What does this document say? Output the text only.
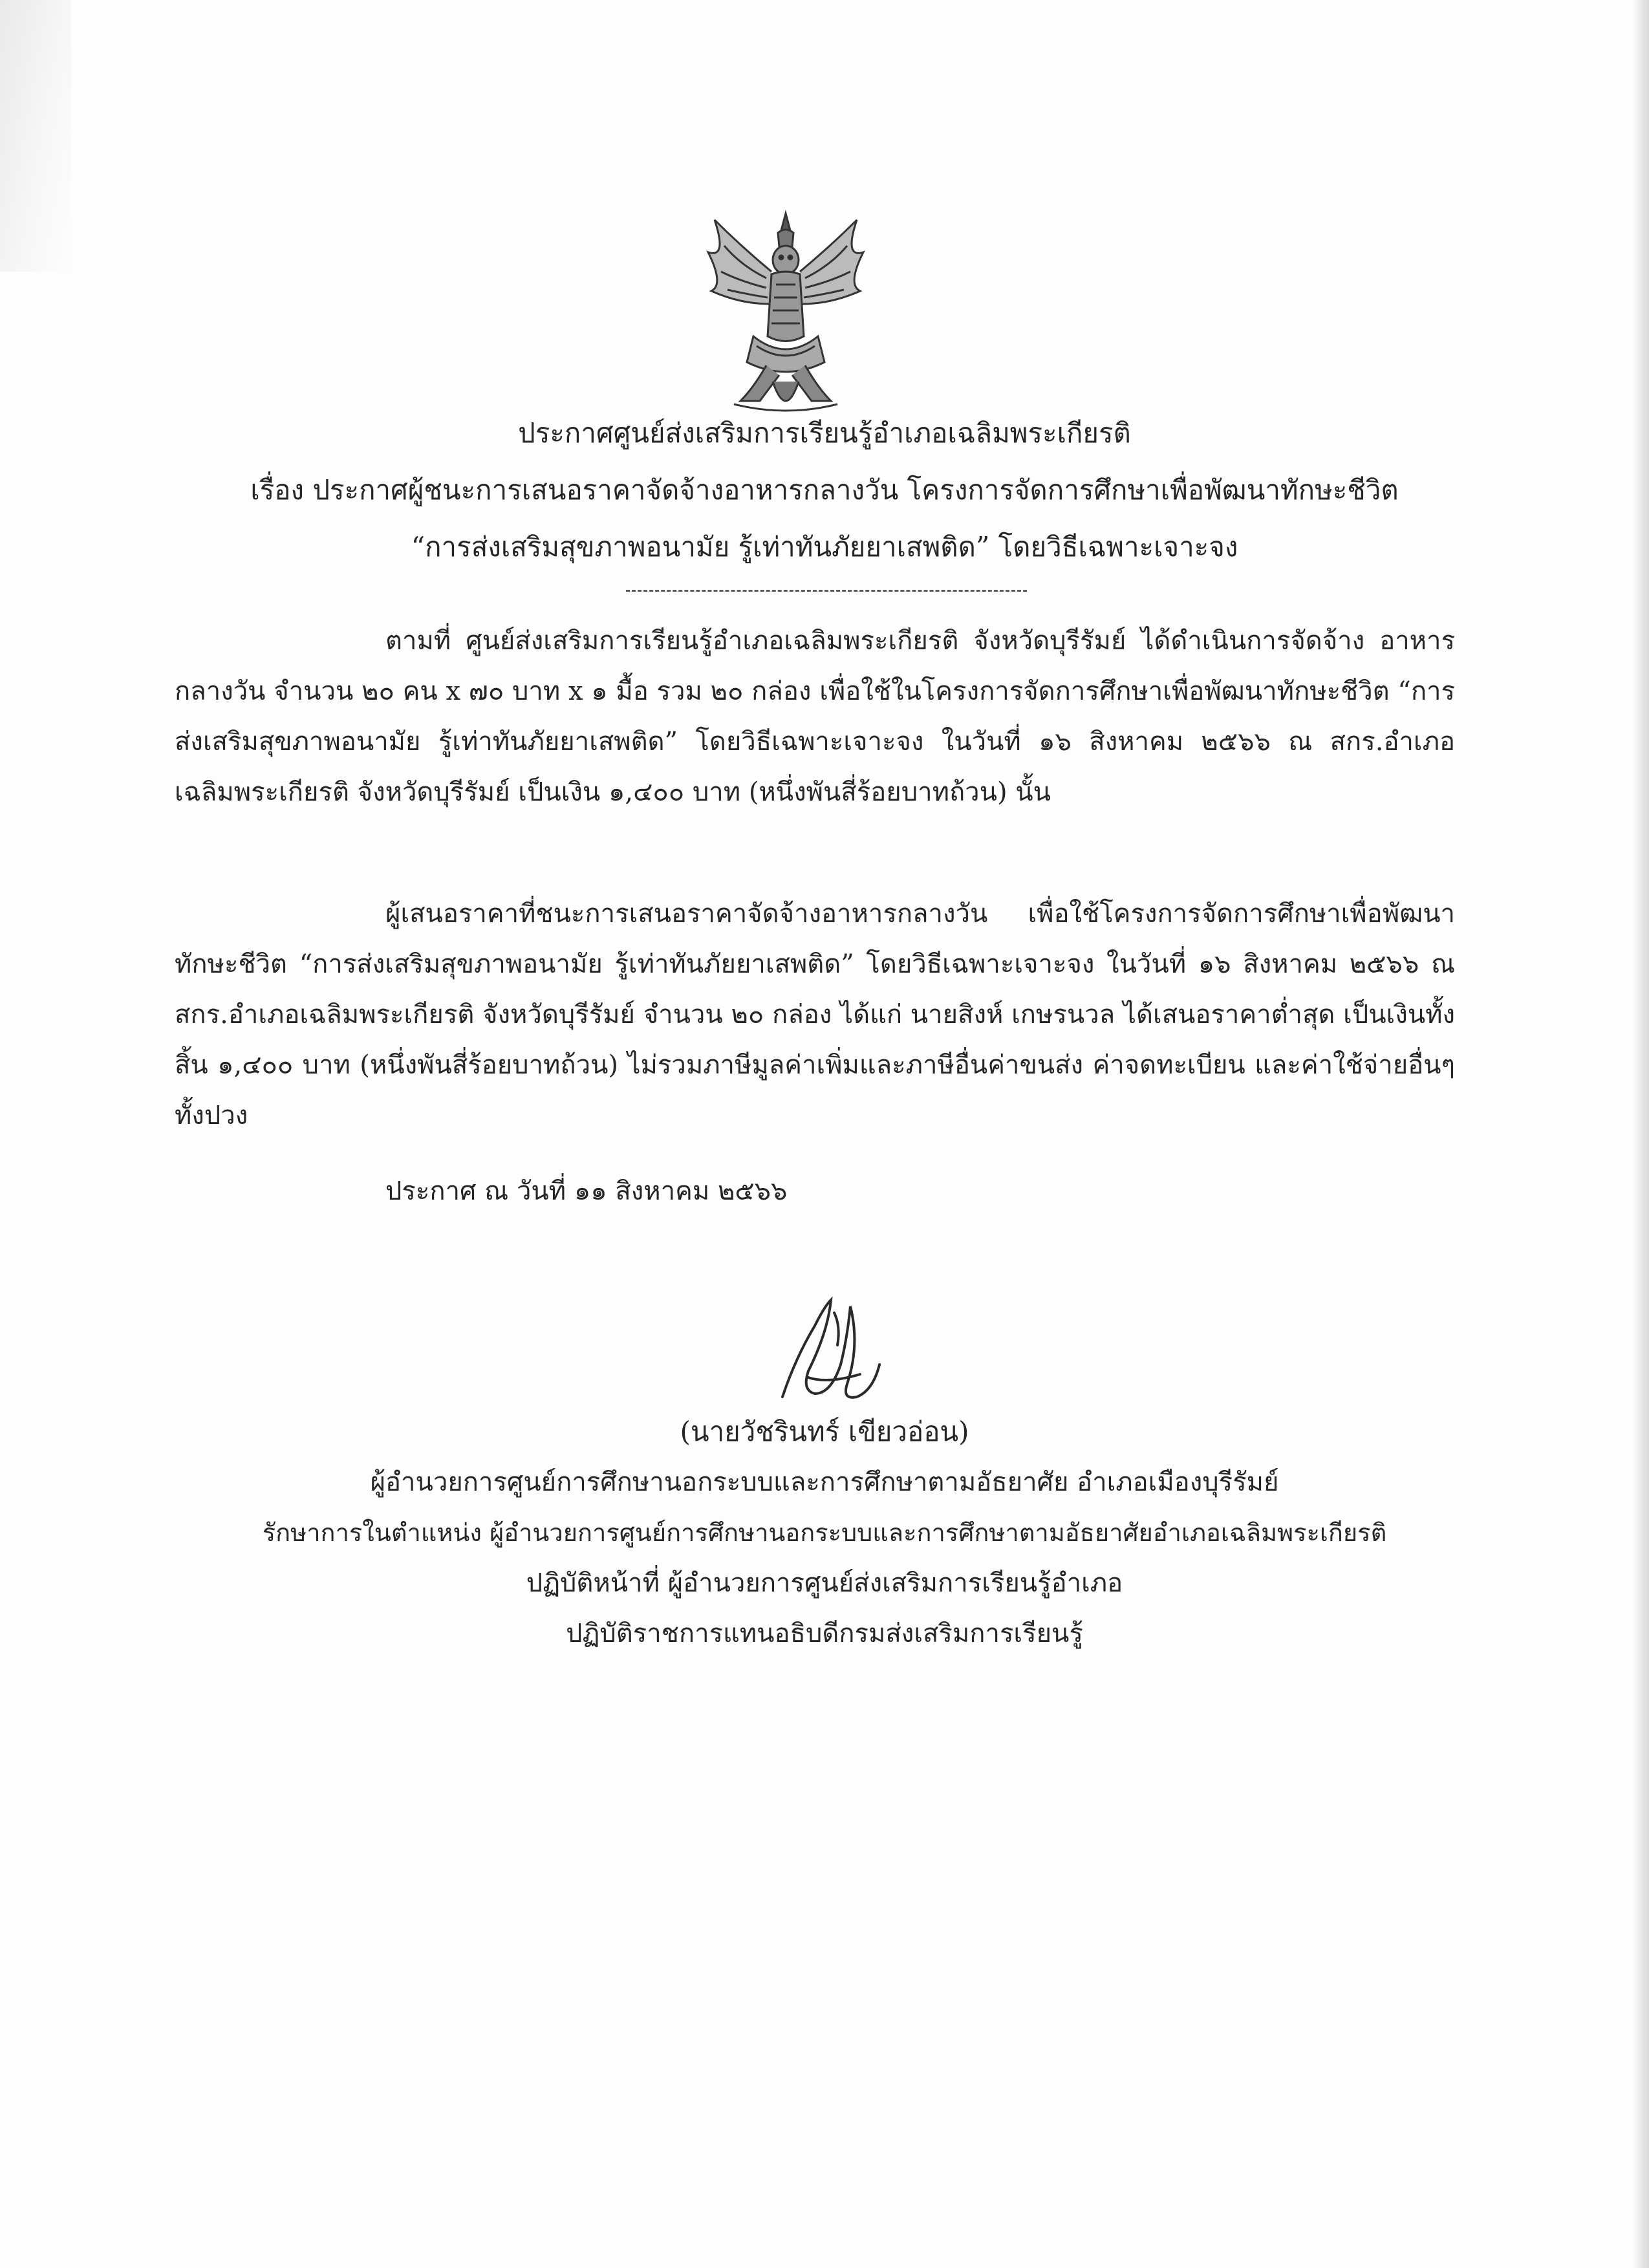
ประกาศศูนย์ส่งเสริมการเรียนรู้อำเภอเฉลิมพระเกียรติ
เรื่อง ประกาศผู้ชนะการเสนอราคาจัดจ้างอาหารกลางวัน โครงการจัดการศึกษาเพื่อพัฒนาทักษะชีวิต
“การส่งเสริมสุขภาพอนามัย รู้เท่าทันภัยยาเสพติด” โดยวิธีเฉพาะเจาะจง
ตามที่ ศูนย์ส่งเสริมการเรียนรู้อำเภอเฉลิมพระเกียรติ จังหวัดบุรีรัมย์ ได้ดำเนินการจัดจ้าง อาหารกลางวัน จำนวน ๒๐ คน x ๗๐ บาท x ๑ มื้อ รวม ๒๐ กล่อง เพื่อใช้ในโครงการจัดการศึกษาเพื่อพัฒนาทักษะชีวิต “การส่งเสริมสุขภาพอนามัย รู้เท่าทันภัยยาเสพติด” โดยวิธีเฉพาะเจาะจง ในวันที่ ๑๖ สิงหาคม ๒๕๖๖ ณ สกร.อำเภอเฉลิมพระเกียรติ จังหวัดบุรีรัมย์ เป็นเงิน ๑,๔๐๐ บาท (หนึ่งพันสี่ร้อยบาทถ้วน) นั้น
ผู้เสนอราคาที่ชนะการเสนอราคาจัดจ้างอาหารกลางวัน เพื่อใช้โครงการจัดการศึกษาเพื่อพัฒนาทักษะชีวิต “การส่งเสริมสุขภาพอนามัย รู้เท่าทันภัยยาเสพติด” โดยวิธีเฉพาะเจาะจง ในวันที่ ๑๖ สิงหาคม ๒๕๖๖ ณ สกร.อำเภอเฉลิมพระเกียรติ จังหวัดบุรีรัมย์ จำนวน ๒๐ กล่อง ได้แก่ นายสิงห์ เกษรนวล ได้เสนอราคาต่ำสุด เป็นเงินทั้งสิ้น ๑,๔๐๐ บาท (หนึ่งพันสี่ร้อยบาทถ้วน) ไม่รวมภาษีมูลค่าเพิ่มและภาษีอื่นค่าขนส่ง ค่าจดทะเบียน และค่าใช้จ่ายอื่นๆ ทั้งปวง
ประกาศ ณ วันที่ ๑๑ สิงหาคม ๒๕๖๖
(นายวัชรินทร์ เขียวอ่อน)
ผู้อำนวยการศูนย์การศึกษานอกระบบและการศึกษาตามอัธยาศัย อำเภอเมืองบุรีรัมย์
รักษาการในตำแหน่ง ผู้อำนวยการศูนย์การศึกษานอกระบบและการศึกษาตามอัธยาศัยอำเภอเฉลิมพระเกียรติ
ปฏิบัติหน้าที่ ผู้อำนวยการศูนย์ส่งเสริมการเรียนรู้อำเภอ
ปฏิบัติราชการแทนอธิบดีกรมส่งเสริมการเรียนรู้
